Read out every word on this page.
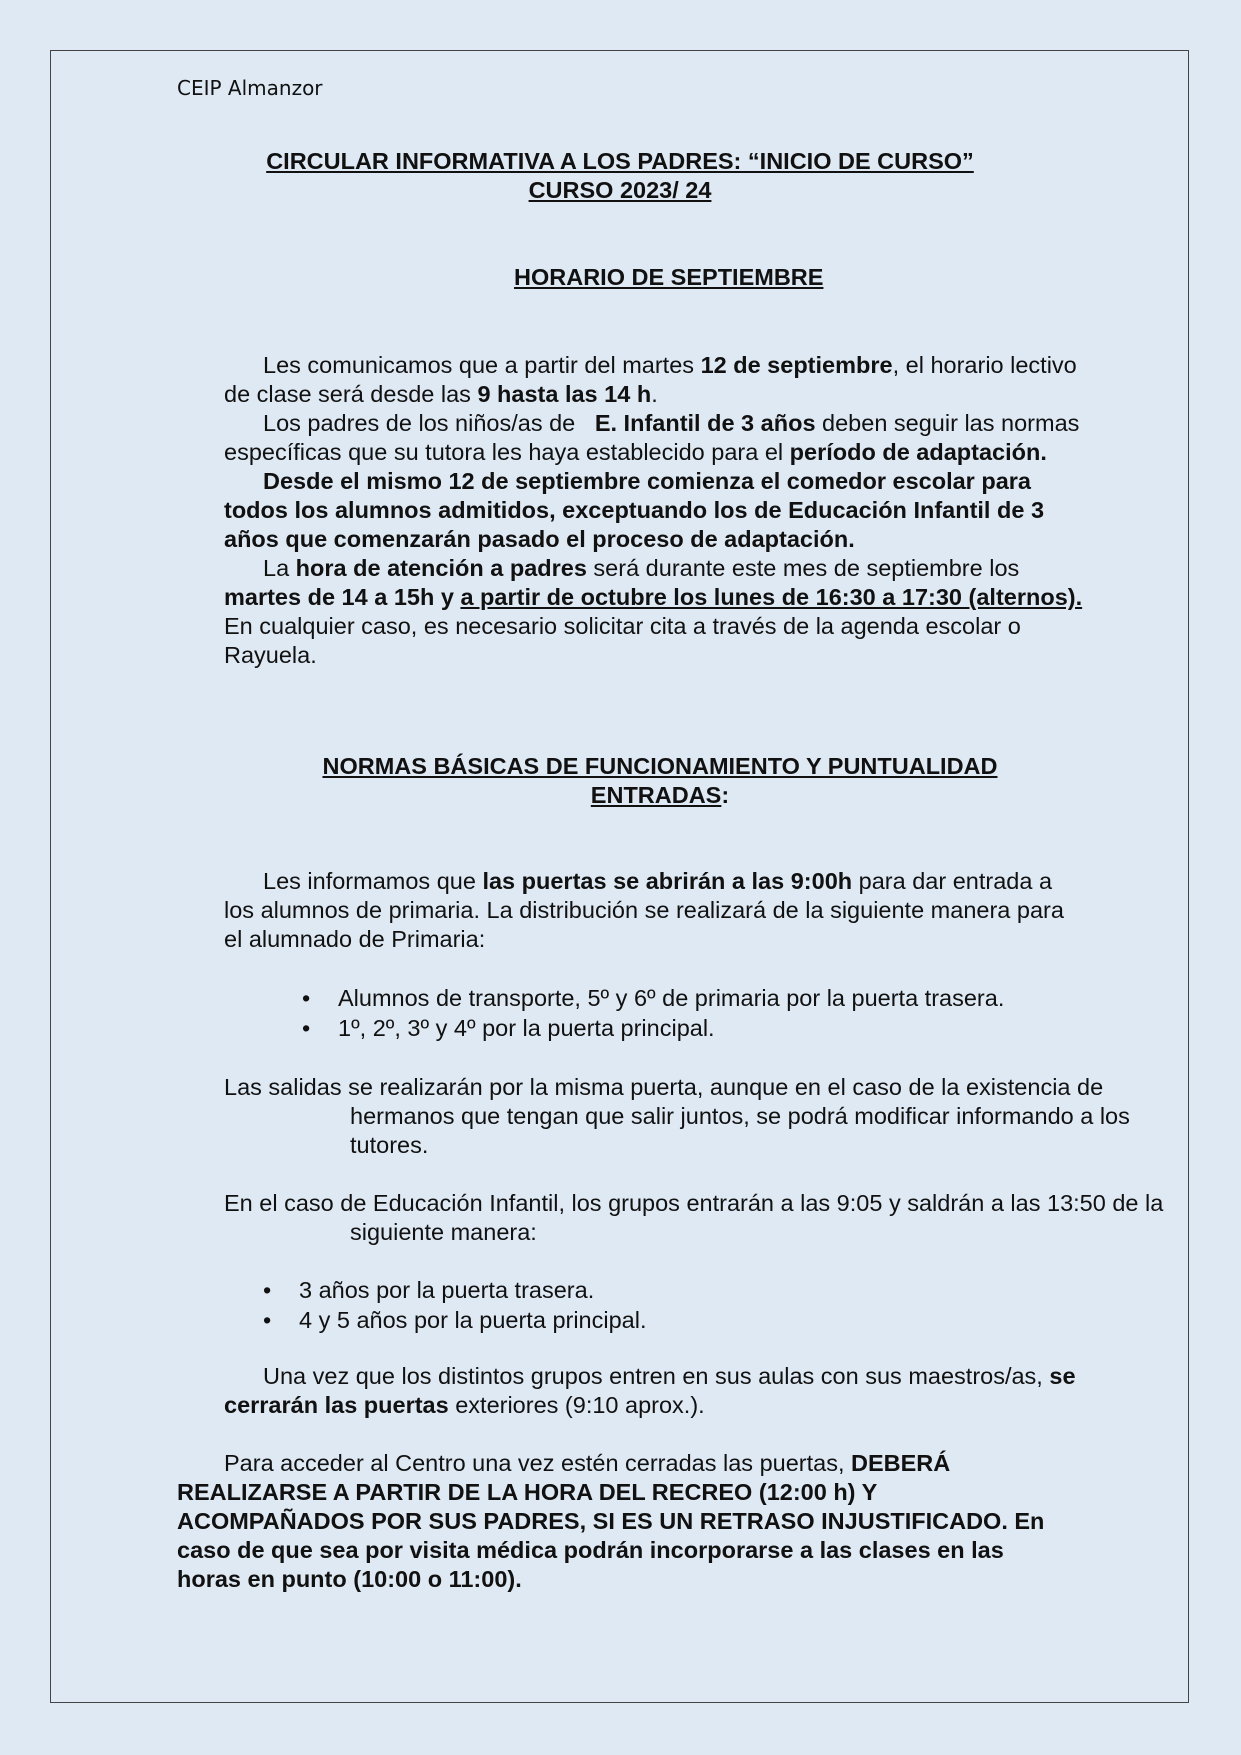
CEIP Almanzor

CIRCULAR INFORMATIVA A LOS PADRES: “INICIO DE CURSO”
CURSO 2023/ 24

HORARIO DE SEPTIEMBRE

Les comunicamos que a partir del martes 12 de septiembre, el horario lectivo de clase será desde las 9 hasta las 14 h.
Los padres de los niños/as de   E. Infantil de 3 años deben seguir las normas específicas que su tutora les haya establecido para el período de adaptación.
Desde el mismo 12 de septiembre comienza el comedor escolar para todos los alumnos admitidos, exceptuando los de Educación Infantil de 3 años que comenzarán pasado el proceso de adaptación.
La hora de atención a padres será durante este mes de septiembre los martes de 14 a 15h y a partir de octubre los lunes de 16:30 a 17:30 (alternos). En cualquier caso, es necesario solicitar cita a través de la agenda escolar o Rayuela.
NORMAS BÁSICAS DE FUNCIONAMIENTO Y PUNTUALIDAD
ENTRADAS:
Les informamos que las puertas se abrirán a las 9:00h para dar entrada a los alumnos de primaria. La distribución se realizará de la siguiente manera para el alumnado de Primaria:
• Alumnos de transporte, 5º y 6º de primaria por la puerta trasera.
• 1º, 2º, 3º y 4º por la puerta principal.

Las salidas se realizarán por la misma puerta, aunque en el caso de la existencia de hermanos que tengan que salir juntos, se podrá modificar informando a los tutores.

En el caso de Educación Infantil, los grupos entrarán a las 9:05 y saldrán a las 13:50 de la siguiente manera:

• 3 años por la puerta trasera.
• 4 y 5 años por la puerta principal.
Una vez que los distintos grupos entren en sus aulas con sus maestros/as, se cerrarán las puertas exteriores (9:10 aprox.).
Para acceder al Centro una vez estén cerradas las puertas, DEBERÁ REALIZARSE A PARTIR DE LA HORA DEL RECREO (12:00 h) Y ACOMPAÑADOS POR SUS PADRES, SI ES UN RETRASO INJUSTIFICADO. En caso de que sea por visita médica podrán incorporarse a las clases en las horas en punto (10:00 o 11:00).
